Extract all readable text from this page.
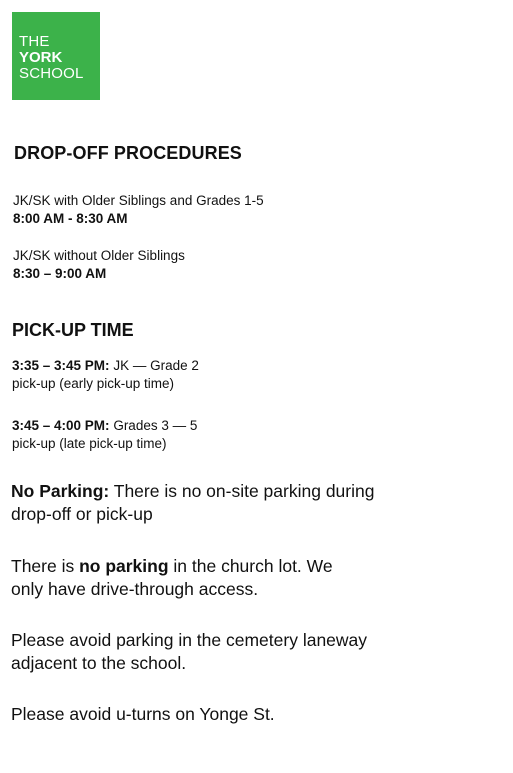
THE
YORK
SCHOOL
DROP-OFF PROCEDURES
JK/SK with Older Siblings and Grades 1-5
8:00 AM - 8:30 AM
JK/SK without Older Siblings
8:30 – 9:00 AM
PICK-UP TIME
3:35 – 3:45 PM: JK — Grade 2
pick-up (early pick-up time)
3:45 – 4:00 PM: Grades 3 — 5
pick-up (late pick-up time)
No Parking: There is no on-site parking during
drop-off or pick-up
There is no parking in the church lot. We
only have drive-through access.
Please avoid parking in the cemetery laneway
adjacent to the school.
Please avoid u-turns on Yonge St.
